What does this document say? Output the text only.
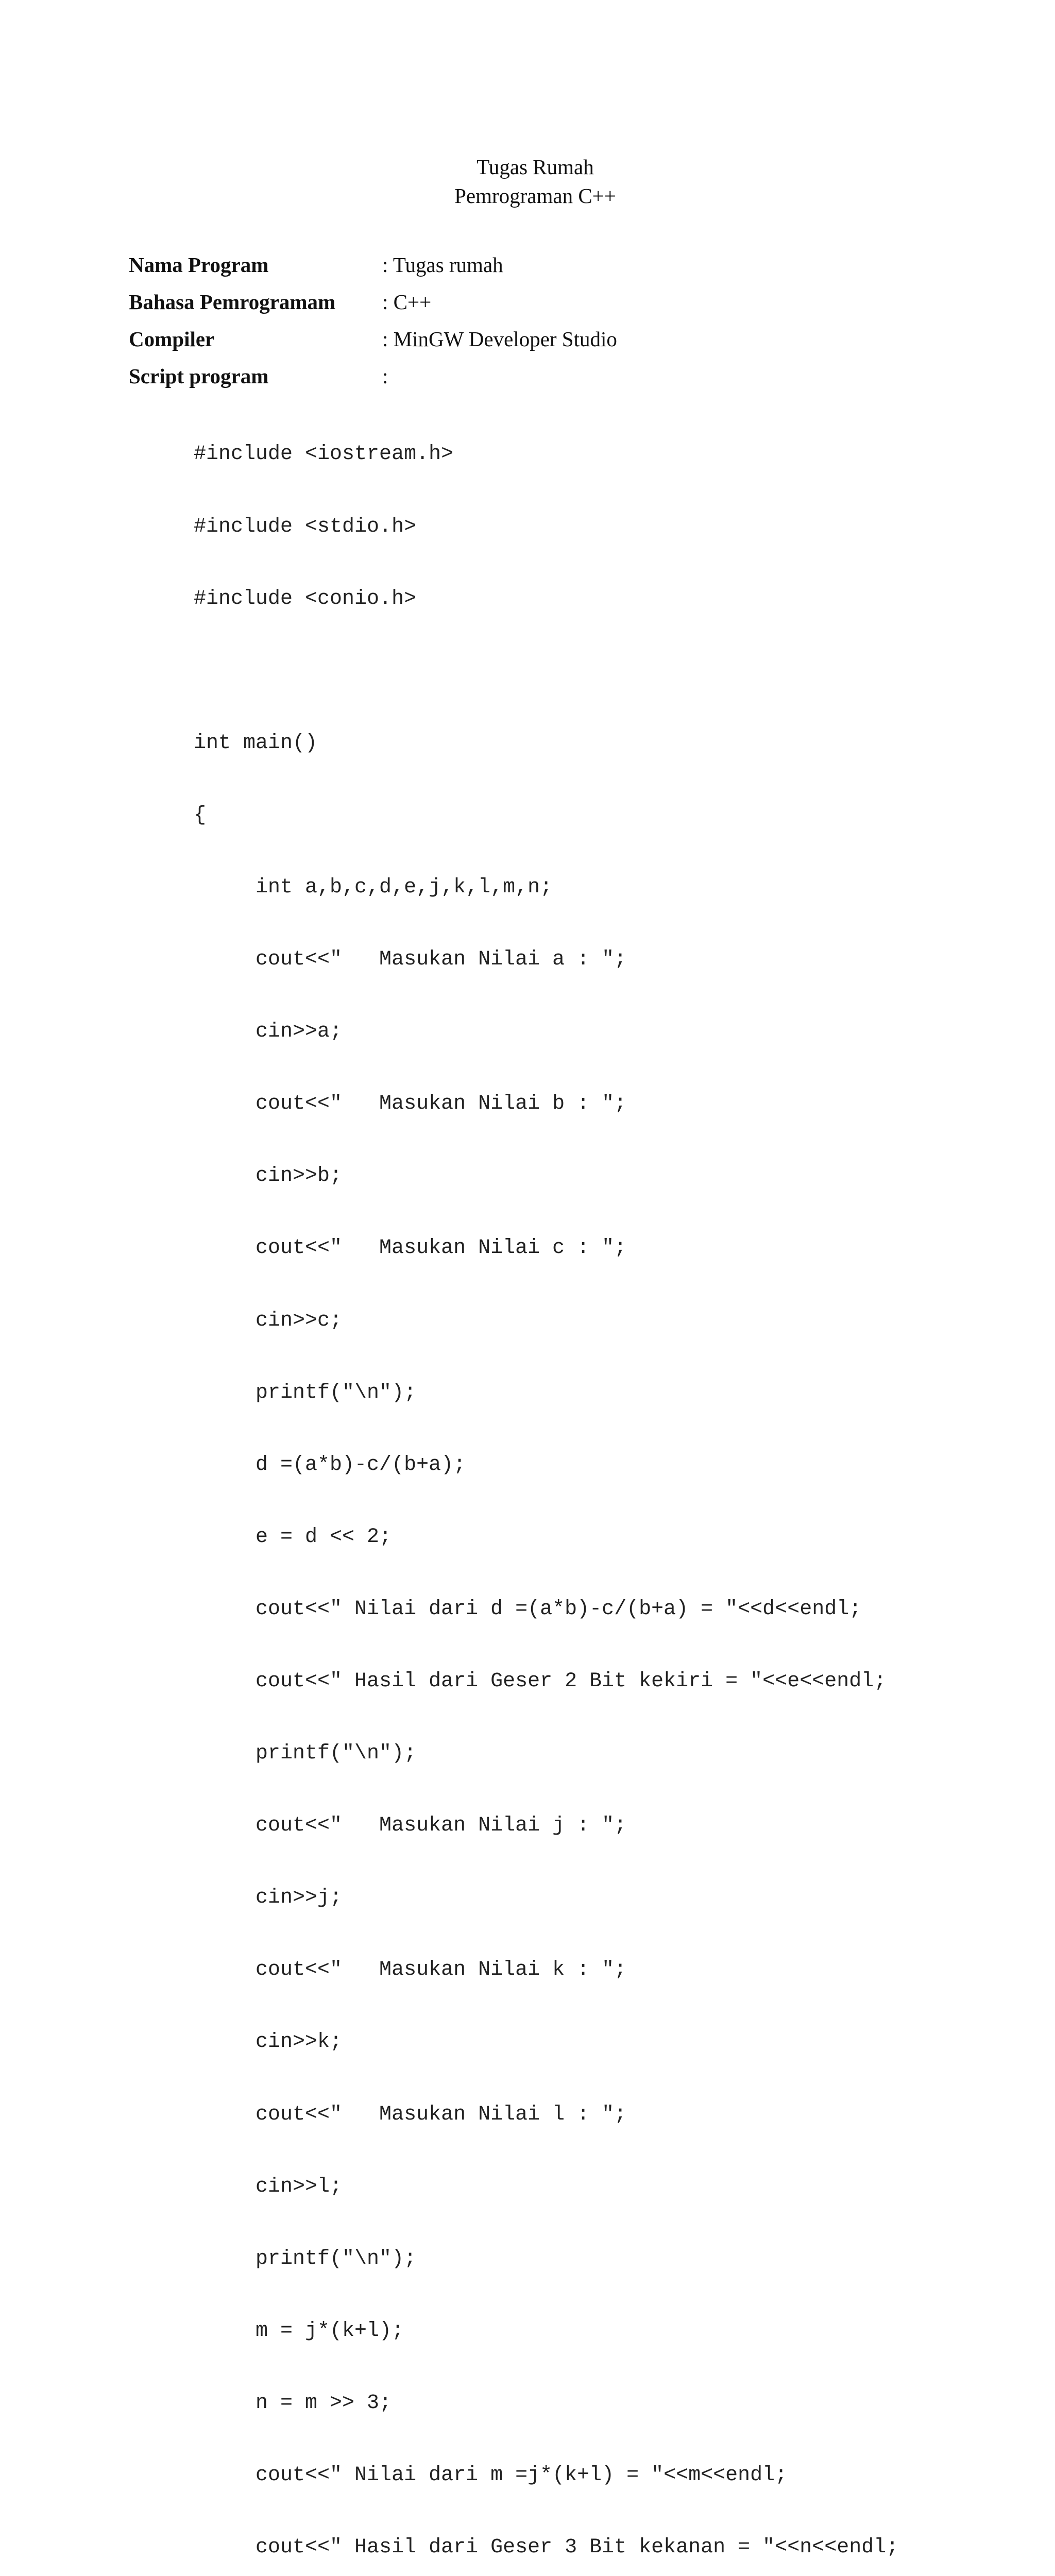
Tugas Rumah
Pemrograman C++
Nama Program	: Tugas rumah
Bahasa Pemrogramam	: C++
Compiler	: MinGW Developer Studio
Script program	:

#include <iostream.h>

#include <stdio.h>

#include <conio.h>

int main()

{

int a,b,c,d,e,j,k,l,m,n;

cout<<"   Masukan Nilai a : ";

cin>>a;

cout<<"   Masukan Nilai b : ";

cin>>b;

cout<<"   Masukan Nilai c : ";

cin>>c;

printf("\n");

d =(a*b)-c/(b+a);

e = d << 2;

cout<<" Nilai dari d =(a*b)-c/(b+a) = "<<d<<endl;

cout<<" Hasil dari Geser 2 Bit kekiri = "<<e<<endl;

printf("\n");

cout<<"   Masukan Nilai j : ";

cin>>j;

cout<<"   Masukan Nilai k : ";

cin>>k;

cout<<"   Masukan Nilai l : ";

cin>>l;

printf("\n");

m = j*(k+l);

n = m >> 3;

cout<<" Nilai dari m =j*(k+l) = "<<m<<endl;

cout<<" Hasil dari Geser 3 Bit kekanan = "<<n<<endl;
